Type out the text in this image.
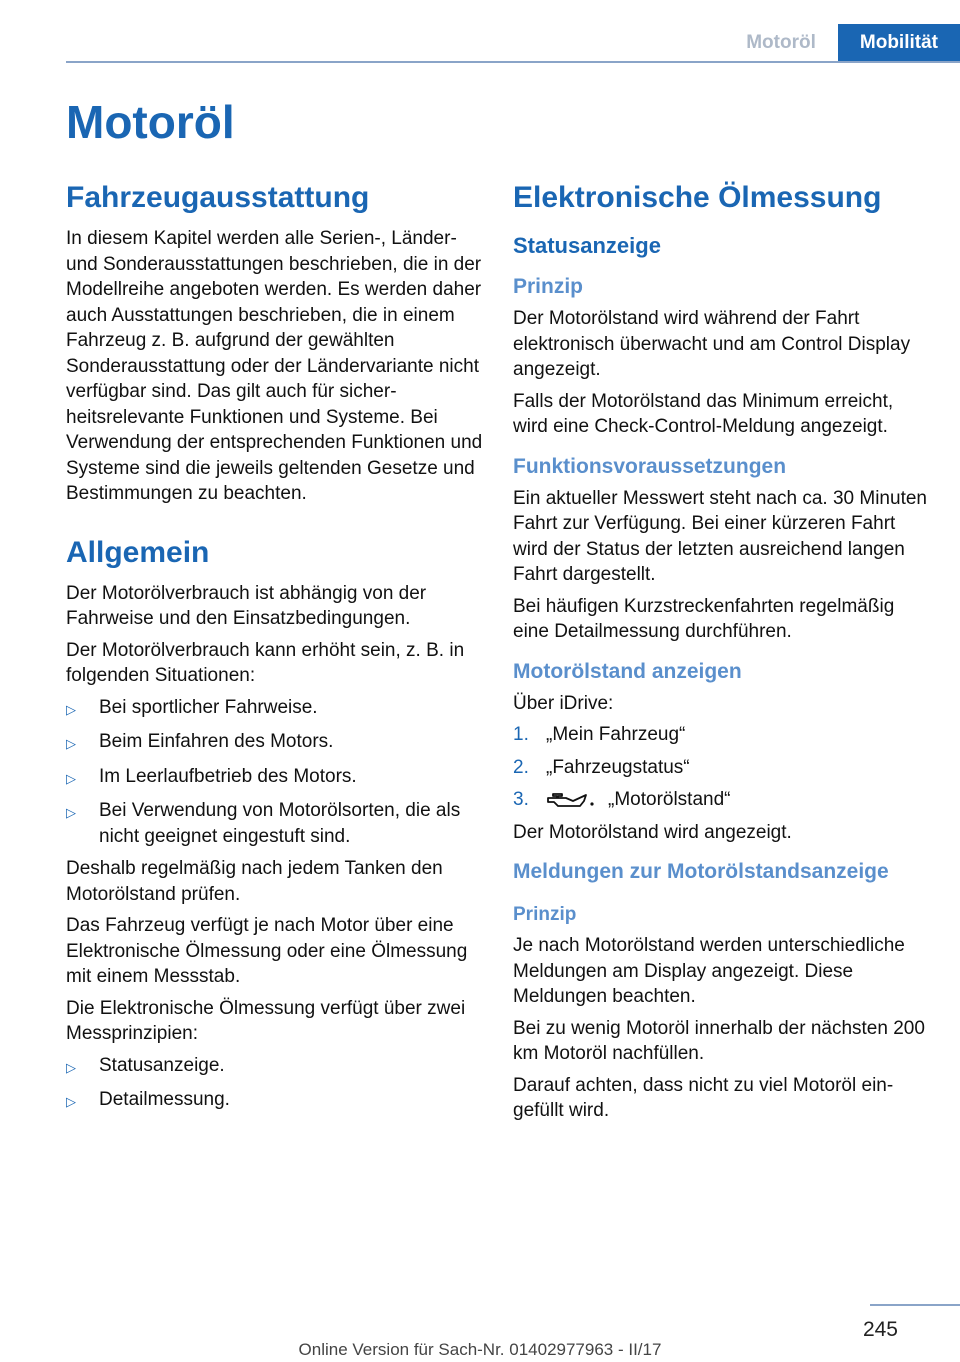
Motoröl	Mobilität
Motoröl
Fahrzeugausstattung

In diesem Kapitel werden alle Serien-, Länder- und Sonderausstattungen beschrieben, die in der Modellreihe angeboten werden. Es werden daher auch Ausstattungen beschrieben, die in einem Fahrzeug z. B. aufgrund der gewählten Sonderausstattung oder der Ländervariante nicht verfügbar sind. Das gilt auch für sicherheitsrelevante Funktionen und Systeme. Bei Verwendung der entsprechenden Funktionen und Systeme sind die jeweils geltenden Gesetze und Bestimmungen zu beachten.

Allgemein

Der Motorölverbrauch ist abhängig von der Fahrweise und den Einsatzbedingungen.

Der Motorölverbrauch kann erhöht sein, z. B. in folgenden Situationen:

▷	Bei sportlicher Fahrweise.
▷	Beim Einfahren des Motors.
▷	Im Leerlaufbetrieb des Motors.
▷	Bei Verwendung von Motorölsorten, die als nicht geeignet eingestuft sind.

Deshalb regelmäßig nach jedem Tanken den Motorölstand prüfen.

Das Fahrzeug verfügt je nach Motor über eine Elektronische Ölmessung oder eine Ölmessung mit einem Messstab.

Die Elektronische Ölmessung verfügt über zwei Messprinzipien:

▷	Statusanzeige.
▷	Detailmessung.
Elektronische Ölmessung
Statusanzeige
Prinzip

Der Motorölstand wird während der Fahrt elektronisch überwacht und am Control Display angezeigt.

Falls der Motorölstand das Minimum erreicht, wird eine Check-Control-Meldung angezeigt.

Funktionsvoraussetzungen

Ein aktueller Messwert steht nach ca. 30 Minuten Fahrt zur Verfügung. Bei einer kürzeren Fahrt wird der Status der letzten ausreichend langen Fahrt dargestellt.

Bei häufigen Kurzstreckenfahrten regelmäßig eine Detailmessung durchführen.

Motorölstand anzeigen

Über iDrive:

1. „Mein Fahrzeug“
2. „Fahrzeugstatus“
3.	„Motorölstand“

Der Motorölstand wird angezeigt.

Meldungen zur Motorölstandsanzeige
Prinzip

Je nach Motorölstand werden unterschiedliche Meldungen am Display angezeigt. Diese Meldungen beachten.

Bei zu wenig Motoröl innerhalb der nächsten 200 km Motoröl nachfüllen.

Darauf achten, dass nicht zu viel Motoröl eingefüllt wird.

245
Online Version für Sach-Nr. 01402977963 - II/17
